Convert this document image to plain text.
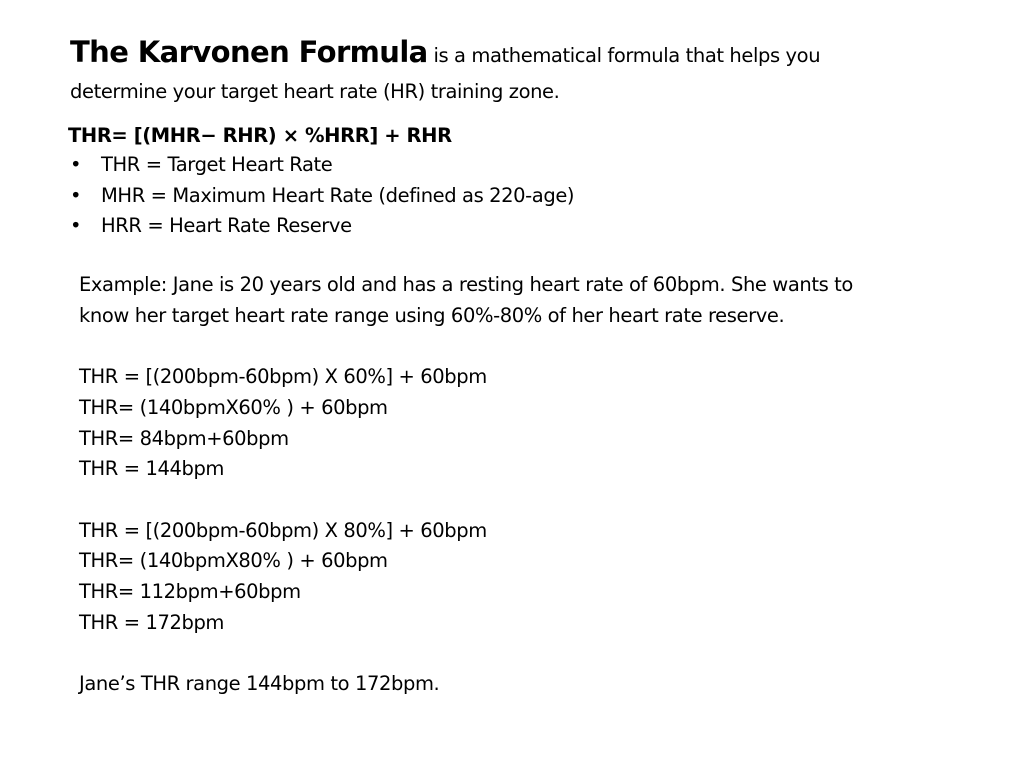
The Karvonen Formula is a mathematical formula that helps you
determine your target heart rate (HR) training zone.

THR= [(MHR− RHR) × %HRR] + RHR

• THR = Target Heart Rate
• MHR = Maximum Heart Rate (defined as 220-age)
• HRR = Heart Rate Reserve
Example: Jane is 20 years old and has a resting heart rate of 60bpm. She wants to
know her target heart rate range using 60%-80% of her heart rate reserve.
THR = [(200bpm-60bpm) X 60%] + 60bpm
THR= (140bpmX60% ) + 60bpm
THR= 84bpm+60bpm
THR = 144bpm
THR = [(200bpm-60bpm) X 80%] + 60bpm
THR= (140bpmX80% ) + 60bpm
THR= 112bpm+60bpm
THR = 172bpm
Jane’s THR range 144bpm to 172bpm.
